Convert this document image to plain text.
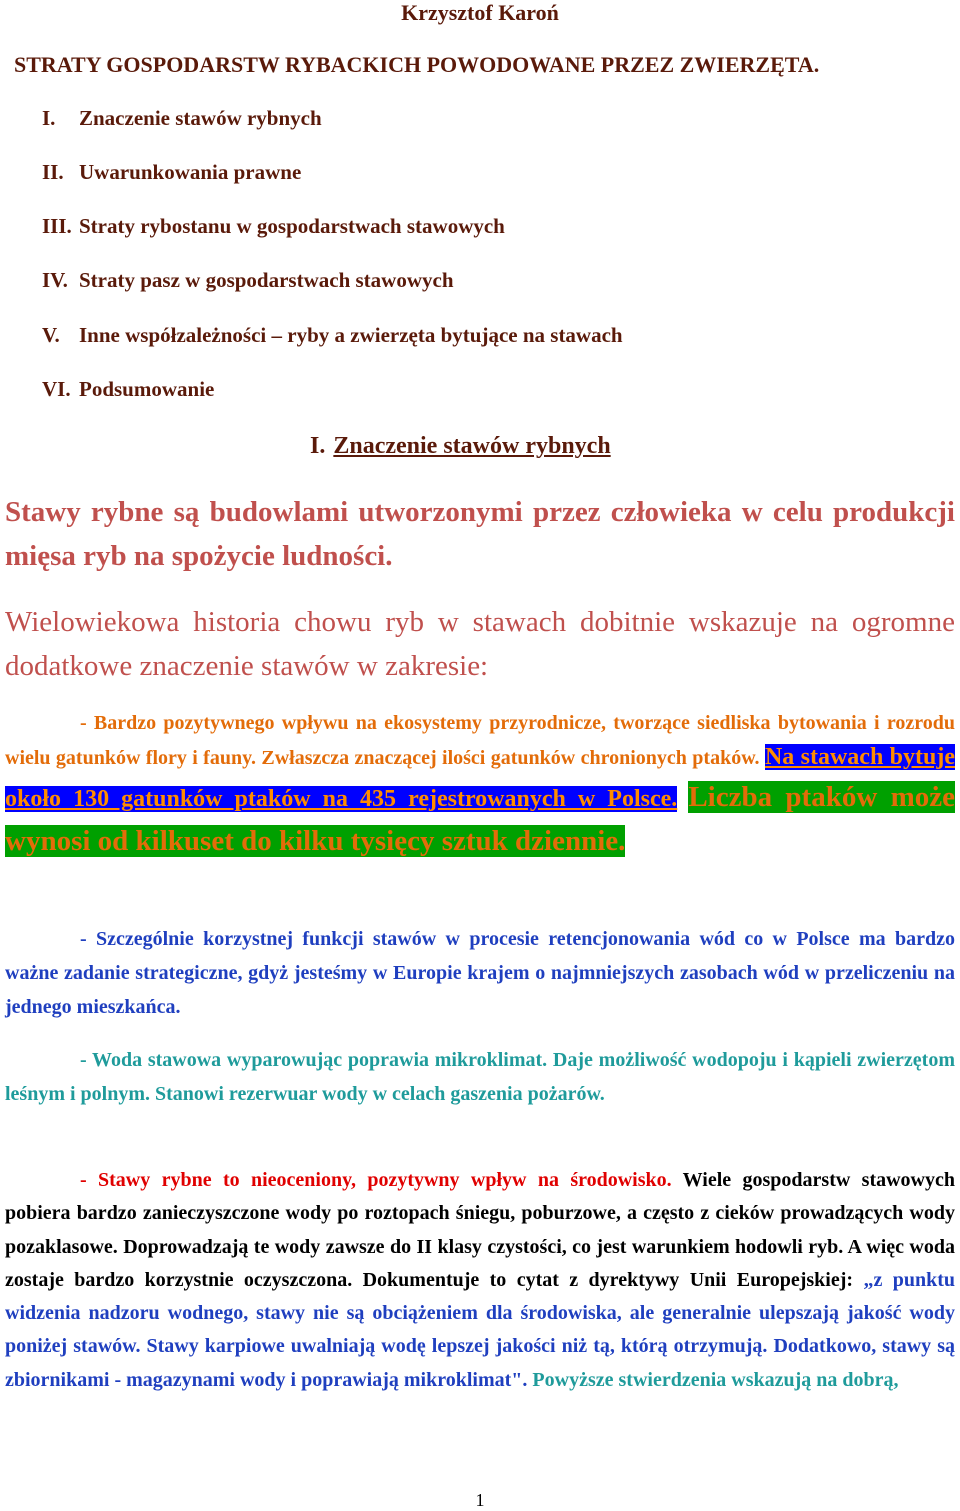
Krzysztof Karoń
STRATY GOSPODARSTW RYBACKICH POWODOWANE PRZEZ ZWIERZĘTA.
I. Znaczenie stawów rybnych
II. Uwarunkowania prawne
III. Straty rybostanu w gospodarstwach stawowych
IV. Straty pasz w gospodarstwach stawowych
V. Inne współzależności – ryby a zwierzęta bytujące na stawach
VI. Podsumowanie
I. Znaczenie stawów rybnych

Stawy rybne są budowlami utworzonymi przez człowieka w celu produkcji mięsa ryb na spożycie ludności.

Wielowiekowa historia chowu ryb w stawach dobitnie wskazuje na ogromne dodatkowe znaczenie stawów w zakresie:

- Bardzo pozytywnego wpływu na ekosystemy przyrodnicze, tworzące siedliska bytowania i rozrodu wielu gatunków flory i fauny. Zwłaszcza znaczącej ilości gatunków chronionych ptaków. Na stawach bytuje około 130 gatunków ptaków na 435 rejestrowanych w Polsce. Liczba ptaków może wynosi od kilkuset do kilku tysięcy sztuk dziennie.

- Szczególnie korzystnej funkcji stawów w procesie retencjonowania wód co w Polsce ma bardzo ważne zadanie strategiczne, gdyż jesteśmy w Europie krajem o najmniejszych zasobach wód w przeliczeniu na jednego mieszkańca.

- Woda stawowa wyparowując poprawia mikroklimat. Daje możliwość wodopoju i kąpieli zwierzętom leśnym i polnym. Stanowi rezerwuar wody w celach gaszenia pożarów.

- Stawy rybne to nieoceniony, pozytywny wpływ na środowisko. Wiele gospodarstw stawowych pobiera bardzo zanieczyszczone wody po roztopach śniegu, poburzowe, a często z cieków prowadzących wody pozaklasowe. Doprowadzają te wody zawsze do II klasy czystości, co jest warunkiem hodowli ryb. A więc woda zostaje bardzo korzystnie oczyszczona. Dokumentuje to cytat z dyrektywy Unii Europejskiej: „z punktu widzenia nadzoru wodnego, stawy nie są obciążeniem dla środowiska, ale generalnie ulepszają jakość wody poniżej stawów. Stawy karpiowe uwalniają wodę lepszej jakości niż tą, którą otrzymują. Dodatkowo, stawy są zbiornikami - magazynami wody i poprawiają mikroklimat". Powyższe stwierdzenia wskazują na dobrą,

1
